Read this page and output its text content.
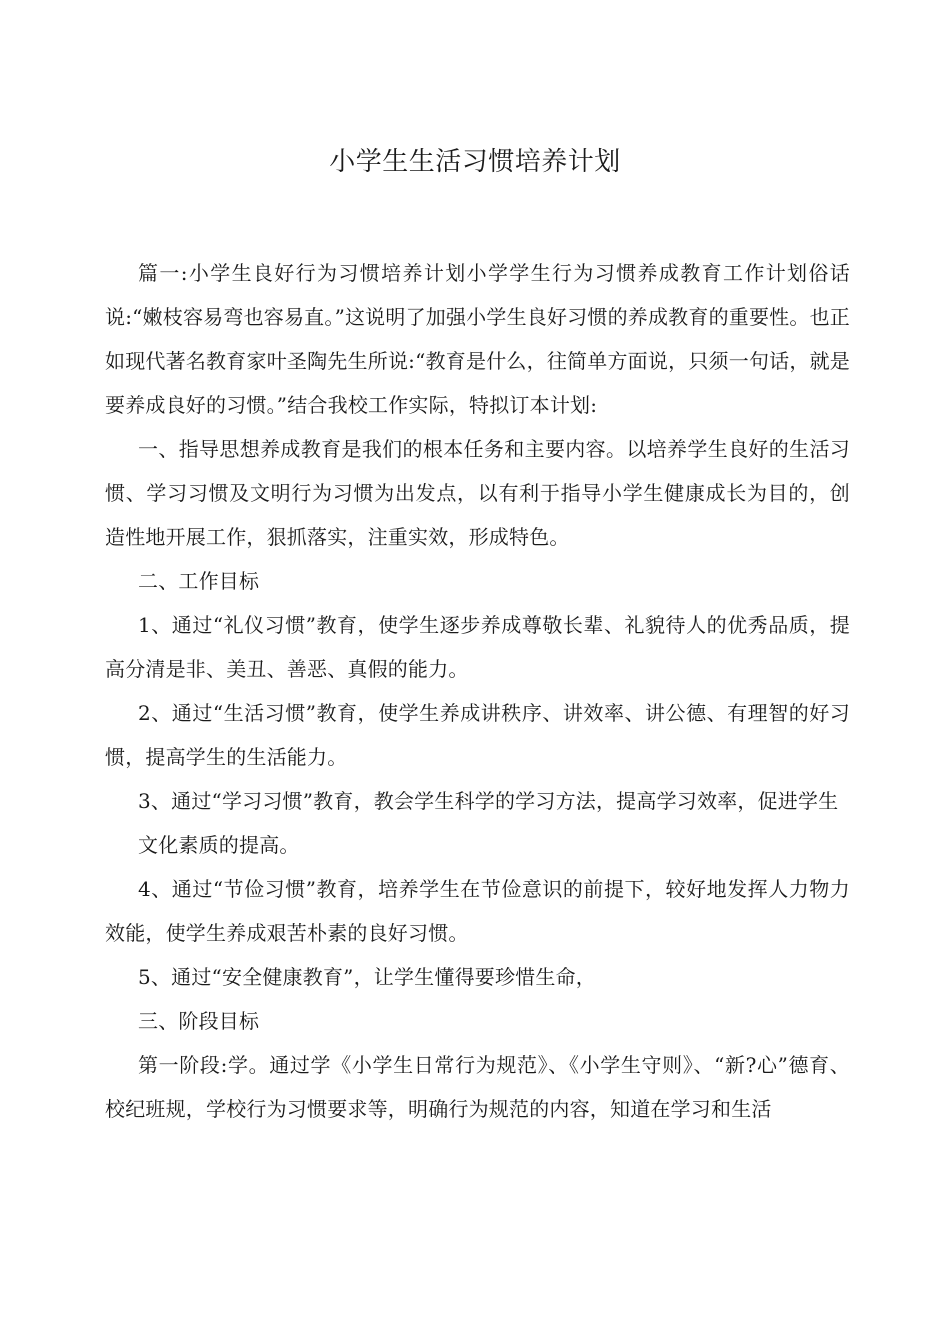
小学生生活习惯培养计划

篇一:小学生良好行为习惯培养计划小学学生行为习惯养成教育工作计划俗话说:“嫩枝容易弯也容易直。”这说明了加强小学生良好习惯的养成教育的重要性。也正如现代著名教育家叶圣陶先生所说:“教育是什么，往简单方面说，只须一句话，就是要养成良好的习惯。”结合我校工作实际，特拟订本计划:

一、指导思想养成教育是我们的根本任务和主要内容。以培养学生良好的生活习惯、学习习惯及文明行为习惯为出发点，以有利于指导小学生健康成长为目的，创造性地开展工作，狠抓落实，注重实效，形成特色。

二、工作目标

1、通过“礼仪习惯”教育，使学生逐步养成尊敬长辈、礼貌待人的优秀品质，提高分清是非、美丑、善恶、真假的能力。

2、通过“生活习惯”教育，使学生养成讲秩序、讲效率、讲公德、有理智的好习惯，提高学生的生活能力。

3、通过“学习习惯”教育，教会学生科学的学习方法，提高学习效率，促进学生

文化素质的提高。

4、通过“节俭习惯”教育，培养学生在节俭意识的前提下，较好地发挥人力物力效能，使学生养成艰苦朴素的良好习惯。

5、通过“安全健康教育”，让学生懂得要珍惜生命，

三、阶段目标

第一阶段:学。通过学《小学生日常行为规范》、《小学生守则》、“新?心”德育、校纪班规，学校行为习惯要求等，明确行为规范的内容，知道在学习和生活
